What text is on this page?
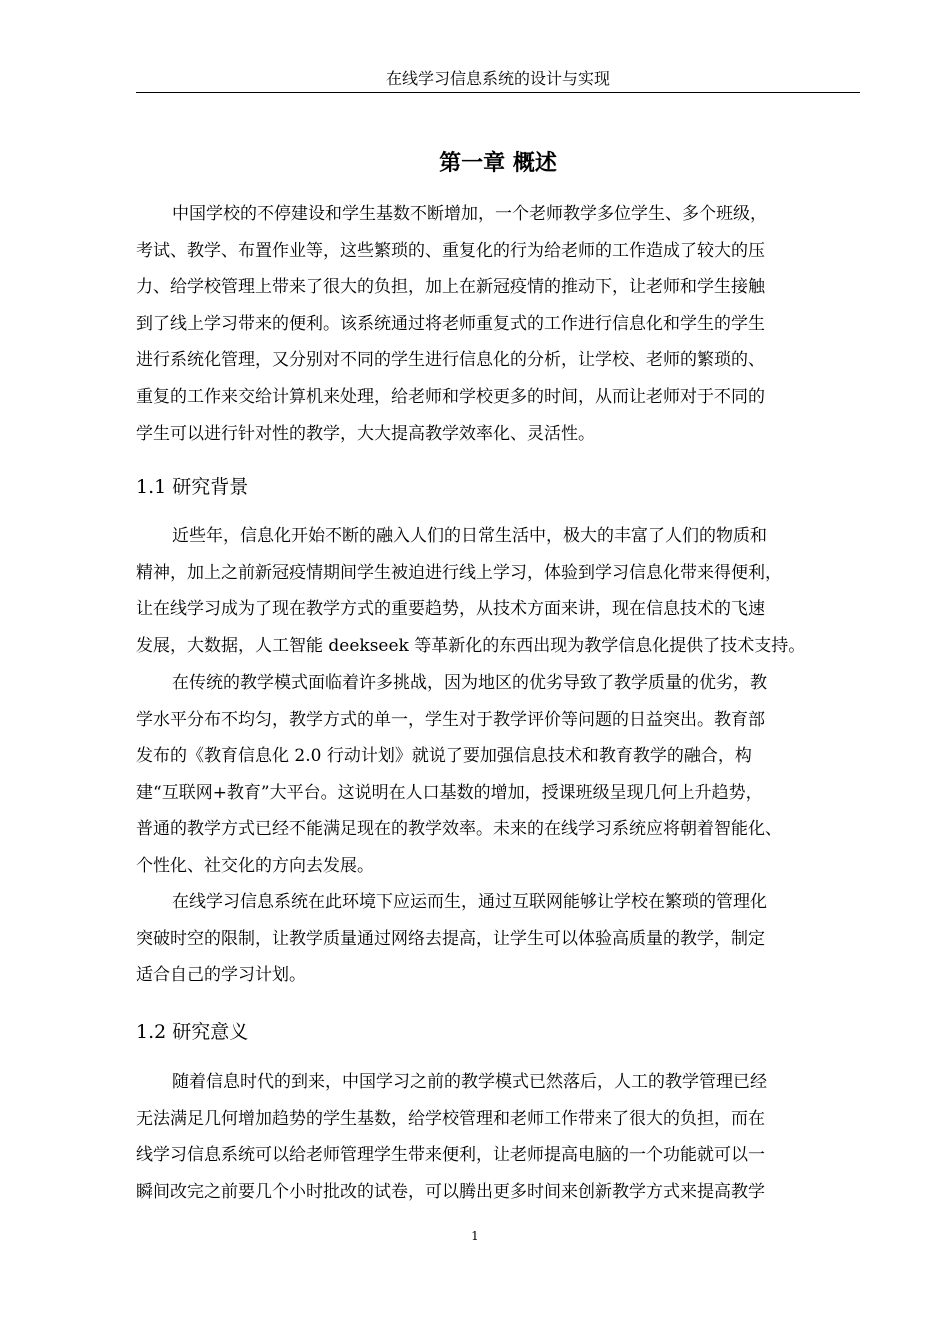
在线学习信息系统的设计与实现
第一章 概述
中国学校的不停建设和学生基数不断增加，一个老师教学多位学生、多个班级，
考试、教学、布置作业等，这些繁琐的、重复化的行为给老师的工作造成了较大的压
力、给学校管理上带来了很大的负担，加上在新冠疫情的推动下，让老师和学生接触
到了线上学习带来的便利。该系统通过将老师重复式的工作进行信息化和学生的学生
进行系统化管理，又分别对不同的学生进行信息化的分析，让学校、老师的繁琐的、
重复的工作来交给计算机来处理，给老师和学校更多的时间，从而让老师对于不同的
学生可以进行针对性的教学，大大提高教学效率化、灵活性。
1.1 研究背景
近些年，信息化开始不断的融入人们的日常生活中，极大的丰富了人们的物质和
精神，加上之前新冠疫情期间学生被迫进行线上学习，体验到学习信息化带来得便利，
让在线学习成为了现在教学方式的重要趋势，从技术方面来讲，现在信息技术的飞速
发展，大数据，人工智能 deekseek 等革新化的东西出现为教学信息化提供了技术支持。
在传统的教学模式面临着许多挑战，因为地区的优劣导致了教学质量的优劣，教
学水平分布不均匀，教学方式的单一，学生对于教学评价等问题的日益突出。教育部
发布的《教育信息化 2.0 行动计划》就说了要加强信息技术和教育教学的融合，构
建“互联网+教育”大平台。这说明在人口基数的增加，授课班级呈现几何上升趋势，
普通的教学方式已经不能满足现在的教学效率。未来的在线学习系统应将朝着智能化、
个性化、社交化的方向去发展。
在线学习信息系统在此环境下应运而生，通过互联网能够让学校在繁琐的管理化
突破时空的限制，让教学质量通过网络去提高，让学生可以体验高质量的教学，制定
适合自己的学习计划。
1.2 研究意义
随着信息时代的到来，中国学习之前的教学模式已然落后，人工的教学管理已经
无法满足几何增加趋势的学生基数，给学校管理和老师工作带来了很大的负担，而在
线学习信息系统可以给老师管理学生带来便利，让老师提高电脑的一个功能就可以一
瞬间改完之前要几个小时批改的试卷，可以腾出更多时间来创新教学方式来提高教学
1
